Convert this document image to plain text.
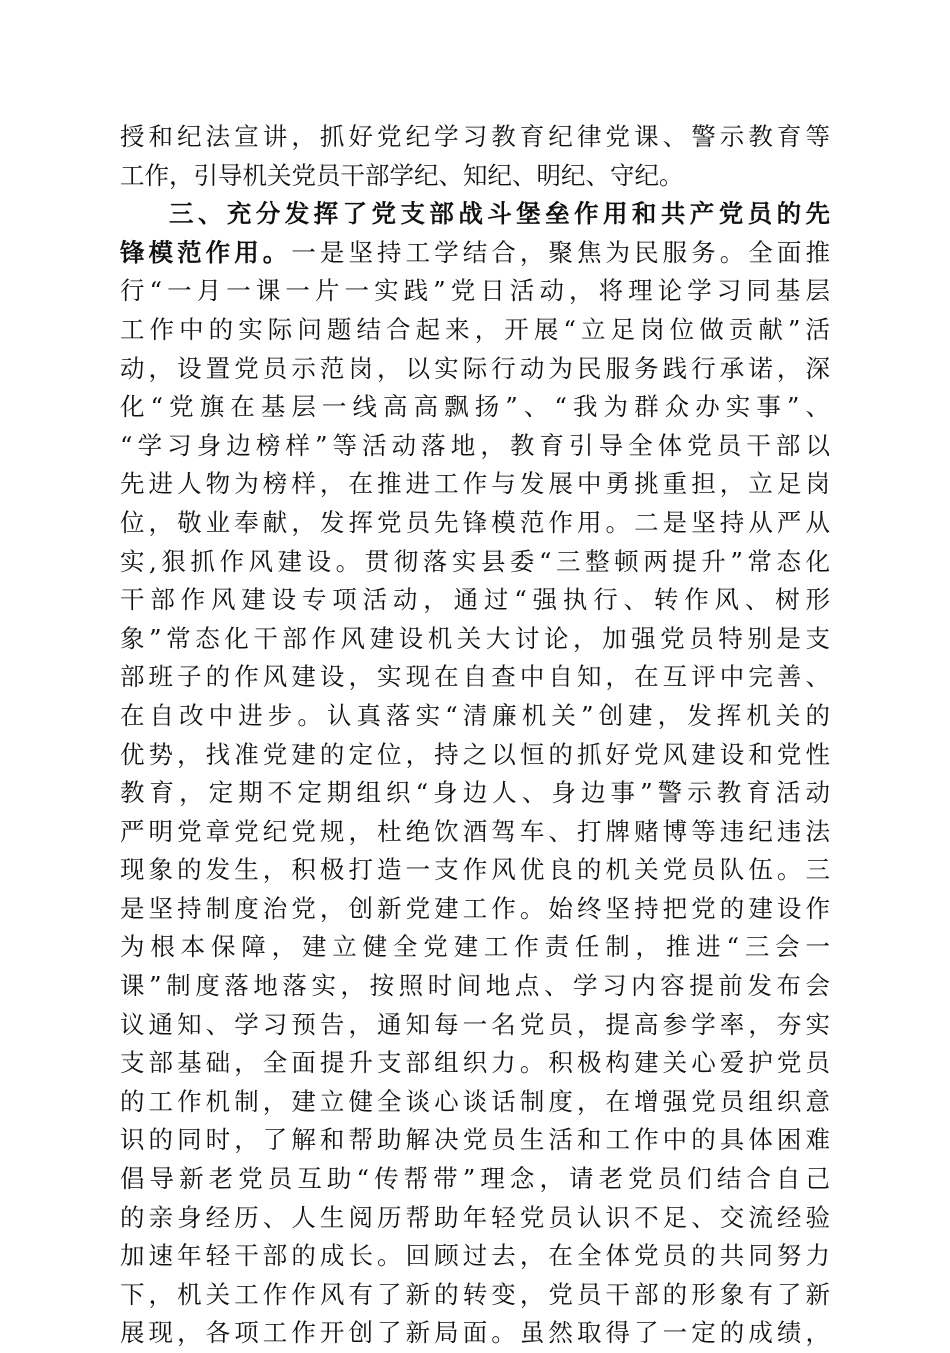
授和纪法宣讲，抓好党纪学习教育纪律党课、警示教育等
工作，引导机关党员干部学纪、知纪、明纪、守纪。
三、充分发挥了党支部战斗堡垒作用和共产党员的先
锋模范作用。一是坚持工学结合，聚焦为民服务。全面推
行“一月一课一片一实践”党日活动，将理论学习同基层
工作中的实际问题结合起来，开展“立足岗位做贡献”活
动，设置党员示范岗，以实际行动为民服务践行承诺，深
化“党旗在基层一线高高飘扬”、“我为群众办实事”、
“学习身边榜样”等活动落地，教育引导全体党员干部以
先进人物为榜样，在推进工作与发展中勇挑重担，立足岗
位，敬业奉献，发挥党员先锋模范作用。二是坚持从严从
实,狠抓作风建设。贯彻落实县委“三整顿两提升”常态化
干部作风建设专项活动，通过“强执行、转作风、树形
象”常态化干部作风建设机关大讨论，加强党员特别是支
部班子的作风建设，实现在自查中自知，在互评中完善、
在自改中进步。认真落实“清廉机关”创建，发挥机关的
优势，找准党建的定位，持之以恒的抓好党风建设和党性
教育，定期不定期组织“身边人、身边事”警示教育活动
严明党章党纪党规，杜绝饮酒驾车、打牌赌博等违纪违法
现象的发生，积极打造一支作风优良的机关党员队伍。三
是坚持制度治党，创新党建工作。始终坚持把党的建设作
为根本保障，建立健全党建工作责任制，推进“三会一
课”制度落地落实，按照时间地点、学习内容提前发布会
议通知、学习预告，通知每一名党员，提高参学率，夯实
支部基础，全面提升支部组织力。积极构建关心爱护党员
的工作机制，建立健全谈心谈话制度，在增强党员组织意
识的同时，了解和帮助解决党员生活和工作中的具体困难
倡导新老党员互助“传帮带”理念，请老党员们结合自己
的亲身经历、人生阅历帮助年轻党员认识不足、交流经验
加速年轻干部的成长。回顾过去，在全体党员的共同努力
下，机关工作作风有了新的转变，党员干部的形象有了新
展现，各项工作开创了新局面。虽然取得了一定的成绩，
